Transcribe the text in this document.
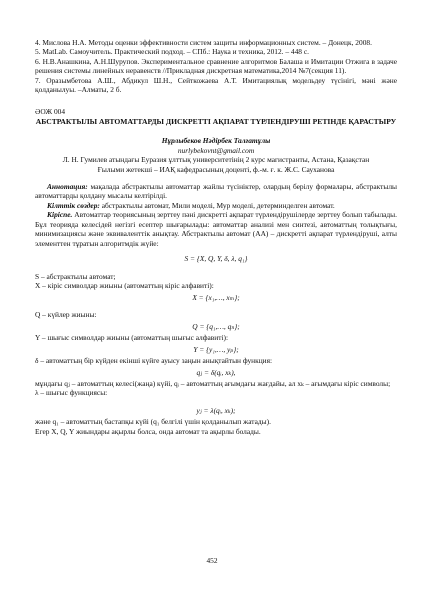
4. Мислова Н.А. Методы оценки эффективности систем защиты информационных систем. – Донецк, 2008.

5. MatLab. Самоучитель. Практический подход. – СПб.: Наука и техника, 2012. – 448 с.

6. Н.В.Анашкина, А.Н.Шурупов. Экспериментальное сравнение алгоритмов Балаша и Имитации Отжига в задаче решения системы линейных неравенств //Прикладная дискретная математика,2014 №7(секция 11).

7. Оразымбетова А.Ш., Абдикул Ш.Н., Сейткожаева А.Т. Имитациялық модельдеу түсінігі, мәні және қолданылуы. –Алматы, 2 б.

ӘОЖ 004
АБСТРАКТЫЛЫ АВТОМАТТАРДЫ ДИСКРЕТТІ АҚПАРАТ ТҮРЛЕНДІРУШІ РЕТІНДЕ ҚАРАСТЫРУ
Нұрлыбеков Нәдірбек Талғатұлы
nurlybekovnt@gmail.com
Л. Н. Гумилев атындағы Еуразия ұлттық университетінің 2 курс магистранты, Астана, Қазақстан
Ғылыми жетекші – ИАҚ кафедрасының доценті, ф.-м. ғ. к. Ж.С. Сауханова

Аннотация: мақалада абстрактылы автоматтар жайлы түсініктер, олардың берілу формалары, абстрактылы автоматтарды қолдану мысалы келтірілді.

Кілттік сөздер: абстрактылы автомат, Мили моделі, Мур моделі, детерминделген автомат.

Кіріспе. Автоматтар теориясының зерттеу пәні дискретті ақпарат түрлендірушілерде зерттеу болып табылады. Бұл теорияда келесідей негізгі есептер шығарылады: автоматтар анализі мен синтезі, автоматтың толықтығы, минимизациясы және эквиваленттік анықтау. Абстрактылы автомат (АА) – дискретті ақпарат түрлендіруші, алты элементтен тұратын алгоритмдік жүйе:

S = {X, Q, Y, δ, λ, q₁}

S – абстрактылы автомат;

X – кіріс символдар жиыны (автоматтың кіріс алфавиті):

X = {x₁,…, xₘ};

Q – күйлер жиыны:

Q = {q₁,…, qₙ};

Y – шығыс символдар жиыны (автоматтың шығыс алфавиті):

Y = {y₁,…, yₚ};

δ – автоматтың бір күйден екінші күйге ауысу заңын анықтайтын функция:

qⱼ = δ(qᵢ, xₖ),

мұндағы qⱼ – автоматтың келесі(жаңа) күйі, qᵢ – автоматтың ағымдағы жағдайы, ал xₖ – ағымдағы кіріс символы;

λ – шығыс функциясы:

yⱼ = λ(qᵢ, xₖ);

және q₁ – автоматтың бастапқы күйі (q₁ белгілі үшін қолданылып жатады).

Егер X, Q, Y жиындары ақырлы болса, онда автомат та ақырлы болады.

452
